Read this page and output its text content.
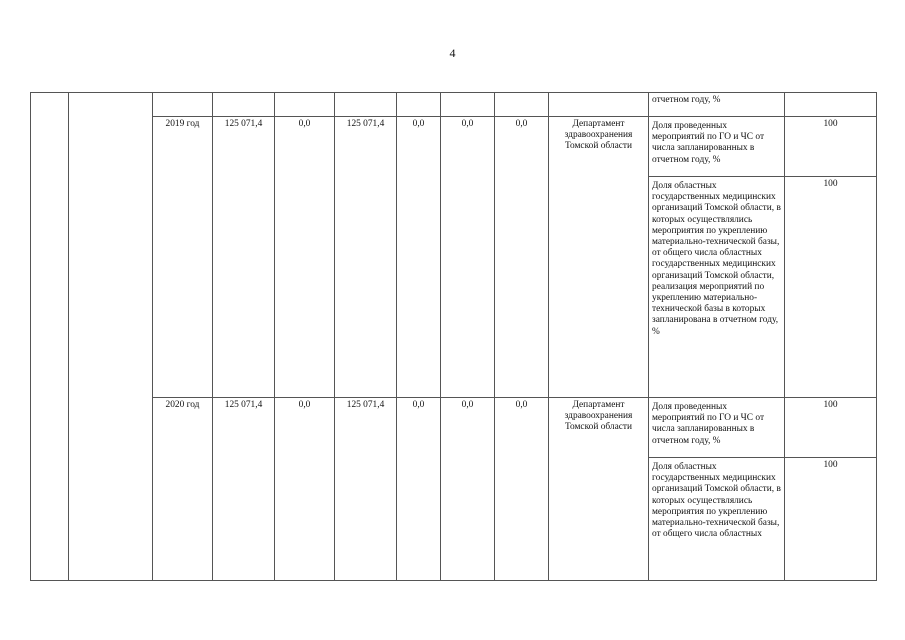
4
										отчетном году, %	
		2019 год	125 071,4	0,0	125 071,4	0,0	0,0	0,0	Департамент здравоохранения Томской области	Доля проведенных мероприятий по ГО и ЧС от числа запланированных в отчетном году, %	100
										Доля областных государственных медицинских организаций Томской области, в которых осуществлялись мероприятия по укреплению материально-технической базы, от общего числа областных государственных медицинских организаций Томской области, реализация мероприятий по укреплению материально-технической базы в которых запланирована в отчетном году, %	100
		2020 год	125 071,4	0,0	125 071,4	0,0	0,0	0,0	Департамент здравоохранения Томской области	Доля проведенных мероприятий по ГО и ЧС от числа запланированных в отчетном году, %	100
										Доля областных государственных медицинских организаций Томской области, в которых осуществлялись мероприятия по укреплению материально-технической базы, от общего числа областных	100
